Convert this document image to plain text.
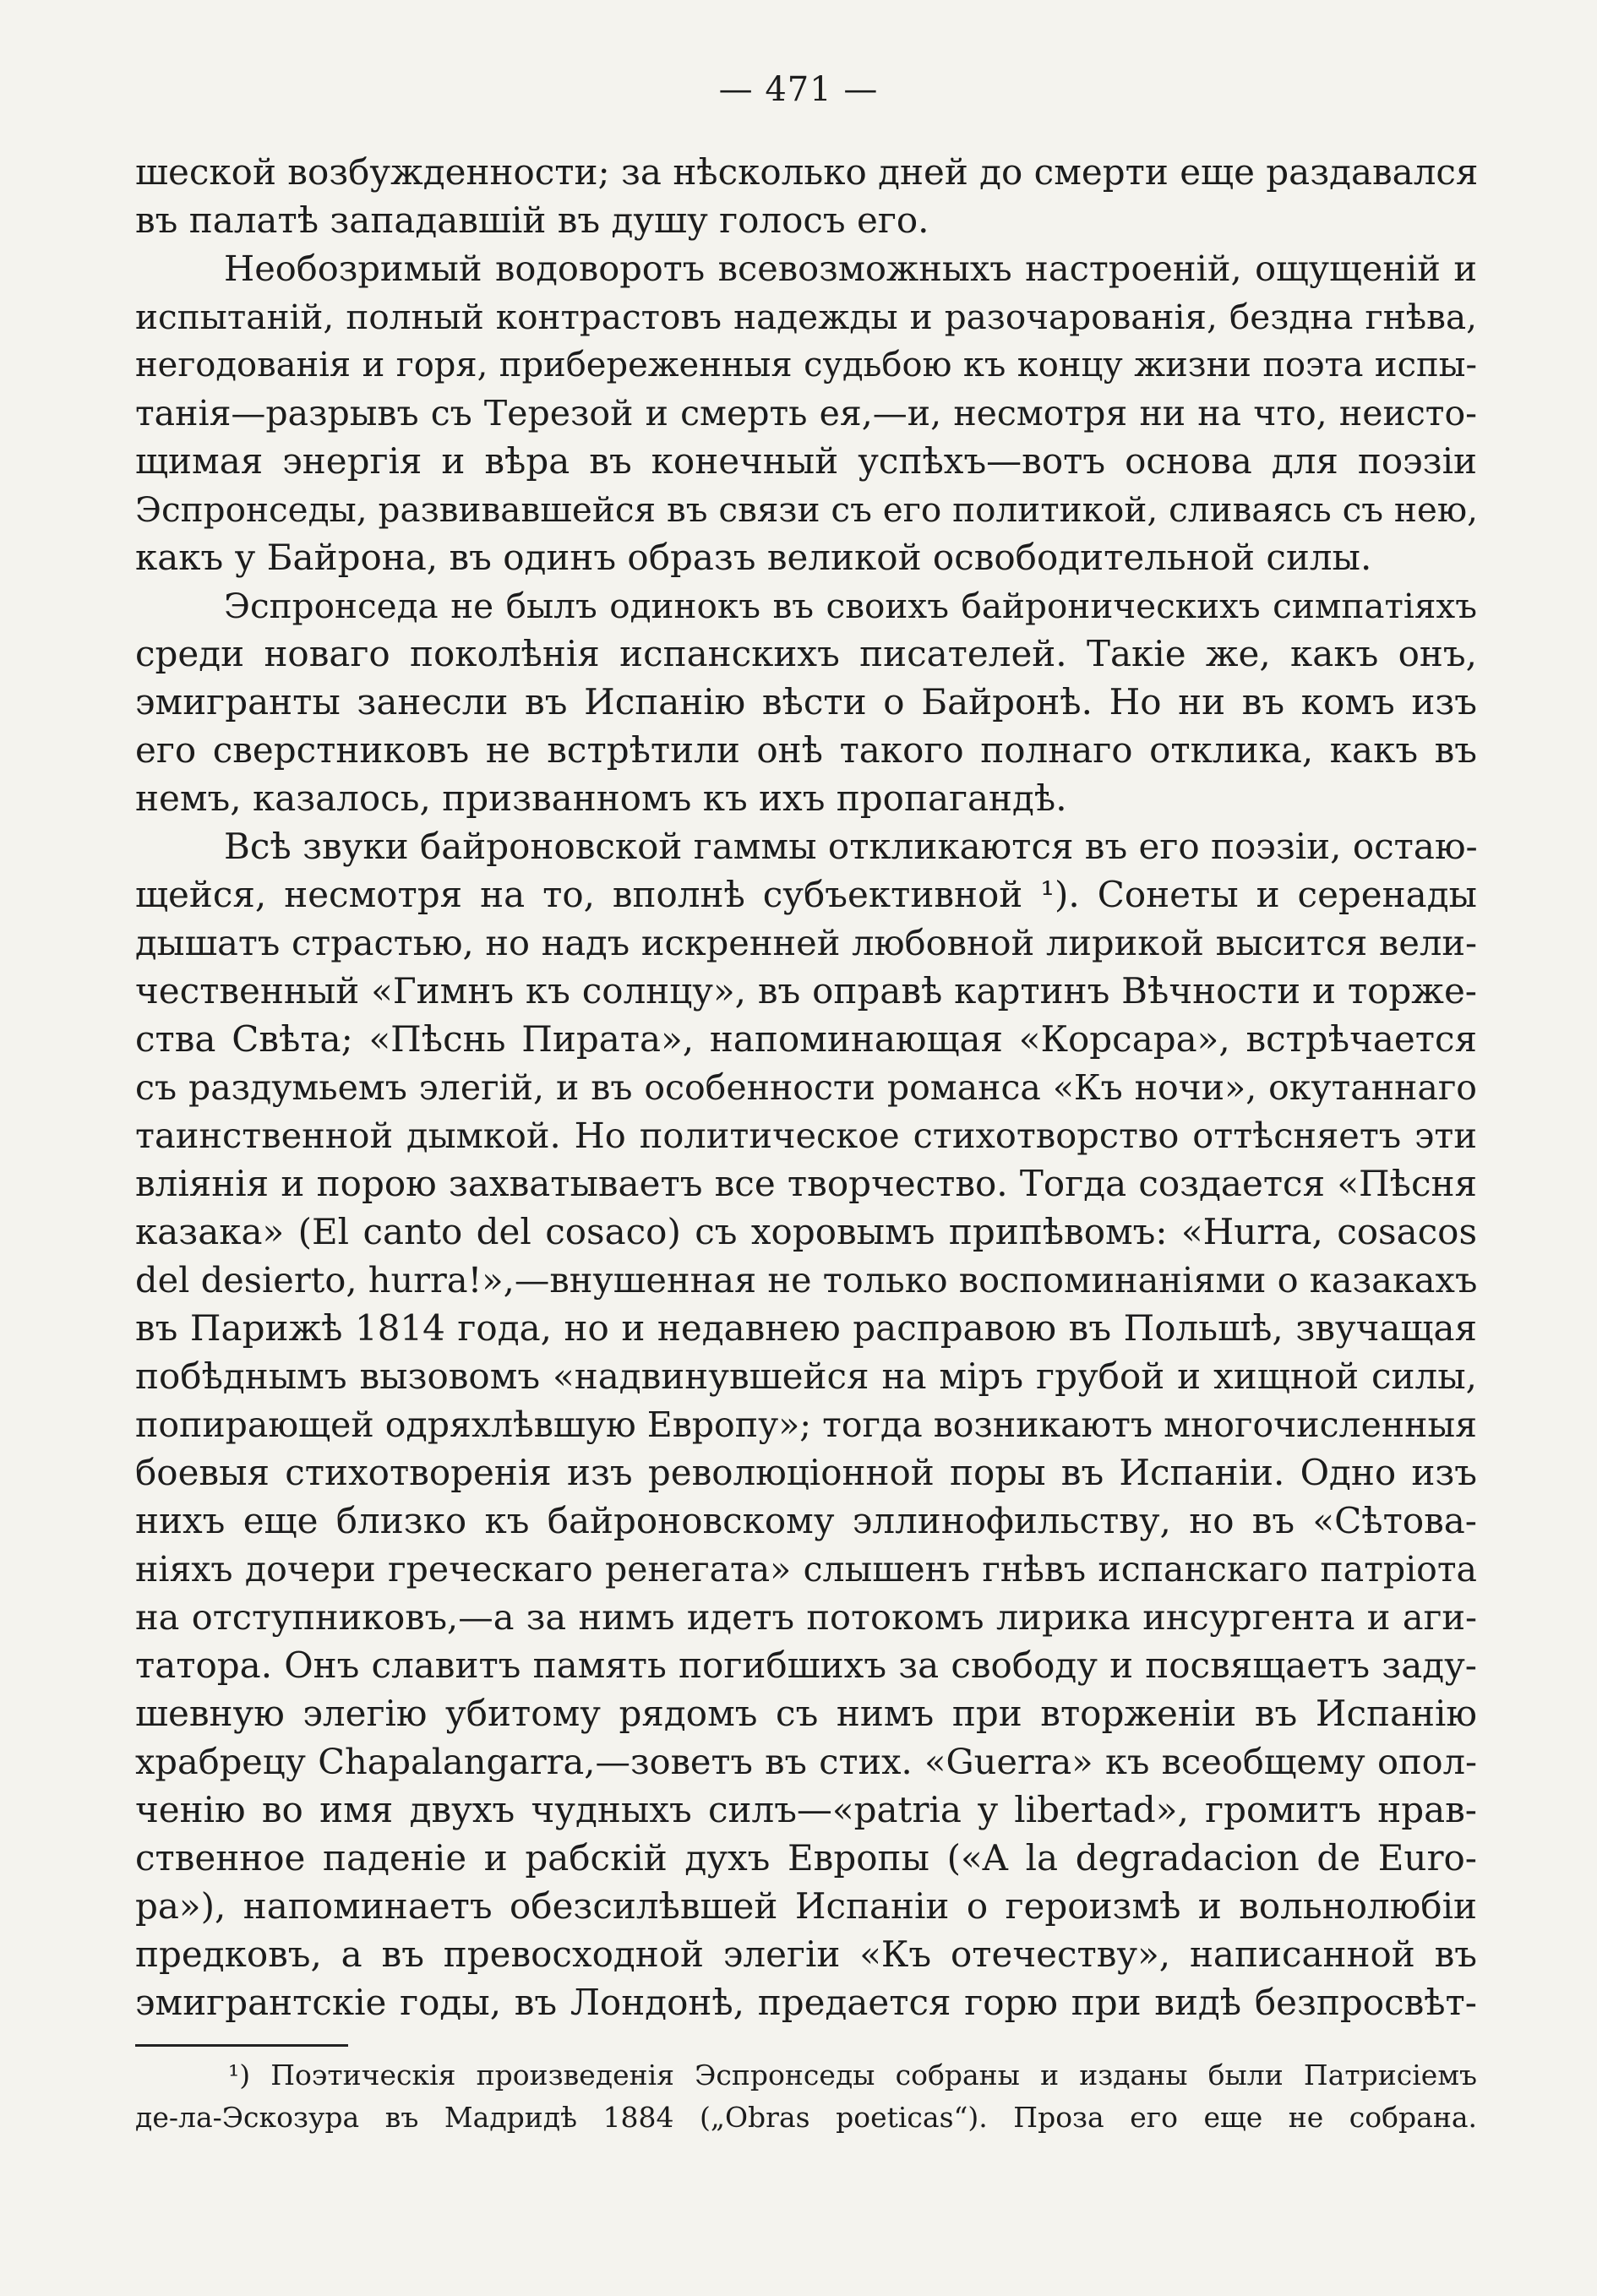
— 471 —
шеской возбужденности; за нѣсколько дней до смерти еще раздавался
въ палатѣ западавшій въ душу голосъ его.
Необозримый водоворотъ всевозможныхъ настроеній, ощущеній и
испытаній, полный контрастовъ надежды и разочарованія, бездна гнѣва,
негодованія и горя, прибереженныя судьбою къ концу жизни поэта испы-
танія—разрывъ съ Терезой и смерть ея,—и, несмотря ни на что, неисто-
щимая энергія и вѣра въ конечный успѣхъ—вотъ основа для поэзіи
Эспронседы, развивавшейся въ связи съ его политикой, сливаясь съ нею,
какъ у Байрона, въ одинъ образъ великой освободительной силы.
Эспронседа не былъ одинокъ въ своихъ байроническихъ симпатіяхъ
среди новаго поколѣнія испанскихъ писателей. Такіе же, какъ онъ,
эмигранты занесли въ Испанію вѣсти о Байронѣ. Но ни въ комъ изъ
его сверстниковъ не встрѣтили онѣ такого полнаго отклика, какъ въ
немъ, казалось, призванномъ къ ихъ пропагандѣ.
Всѣ звуки байроновской гаммы откликаются въ его поэзіи, остаю-
щейся, несмотря на то, вполнѣ субъективной ¹). Сонеты и серенады
дышатъ страстью, но надъ искренней любовной лирикой высится вели-
чественный «Гимнъ къ солнцу», въ оправѣ картинъ Вѣчности и торже-
ства Свѣта; «Пѣснь Пирата», напоминающая «Корсара», встрѣчается
съ раздумьемъ элегій, и въ особенности романса «Къ ночи», окутаннаго
таинственной дымкой. Но политическое стихотворство оттѣсняетъ эти
вліянія и порою захватываетъ все творчество. Тогда создается «Пѣсня
казака» (El canto del cosaco) съ хоровымъ припѣвомъ: «Hurra, cosacos
del desierto, hurra!»,—внушенная не только воспоминаніями о казакахъ
въ Парижѣ 1814 года, но и недавнею расправою въ Польшѣ, звучащая
побѣднымъ вызовомъ «надвинувшейся на міръ грубой и хищной силы,
попирающей одряхлѣвшую Европу»; тогда возникаютъ многочисленныя
боевыя стихотворенія изъ революціонной поры въ Испаніи. Одно изъ
нихъ еще близко къ байроновскому эллинофильству, но въ «Сѣтова-
ніяхъ дочери греческаго ренегата» слышенъ гнѣвъ испанскаго патріота
на отступниковъ,—а за нимъ идетъ потокомъ лирика инсургента и аги-
татора. Онъ славитъ память погибшихъ за свободу и посвящаетъ заду-
шевную элегію убитому рядомъ съ нимъ при вторженіи въ Испанію
храбрецу Chapalangarra,—зоветъ въ стих. «Guerra» къ всеобщему опол-
ченію во имя двухъ чудныхъ силъ—«patria y libertad», громитъ нрав-
ственное паденіе и рабскій духъ Европы («A la degradacion de Euro-
pa»), напоминаетъ обезсилѣвшей Испаніи о героизмѣ и вольнолюбіи
предковъ, а въ превосходной элегіи «Къ отечеству», написанной въ
эмигрантскіе годы, въ Лондонѣ, предается горю при видѣ безпросвѣт-
¹) Поэтическія произведенія Эспронседы собраны и изданы были Патрисіемъ
де-ла-Эскозура въ Мадридѣ 1884 („Obras poeticas“). Проза его еще не собрана.
